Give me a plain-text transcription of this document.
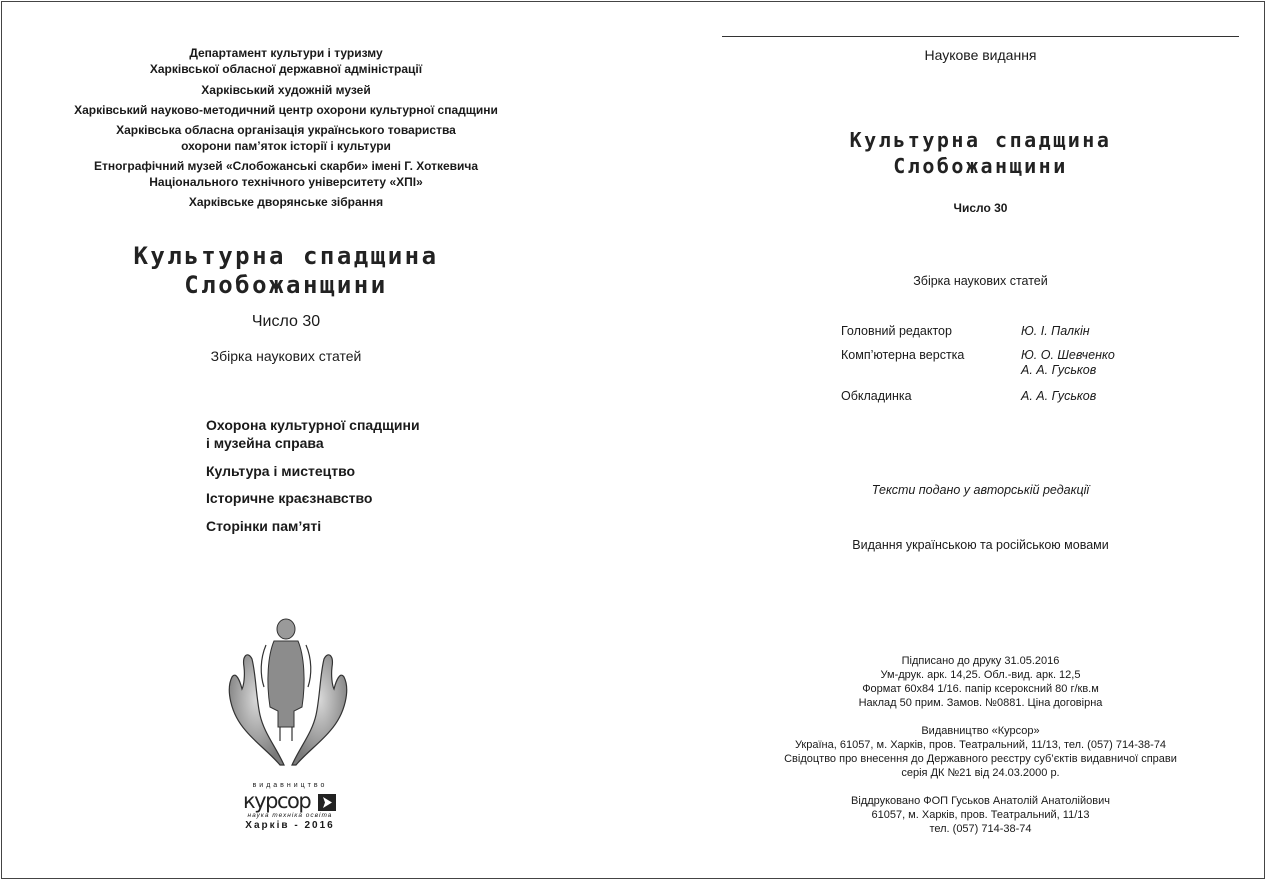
Департамент культури і туризму
Харківської обласної державної адміністрації
Харківський художній музей
Харківський науково-методичний центр охорони культурної спадщини
Харківська обласна організація українського товариства
охорони пам’яток історії і культури
Етнографічний музей «Слобожанські скарби» імені Г. Хоткевича
Національного технічного університету «ХПІ»
Харківське дворянське зібрання
Культурна спадщина
Слобожанщини
Число 30
Збірка наукових статей
Охорона культурної спадщини
і музейна справа
Культура і мистецтво
Історичне краєзнавство
Сторінки пам’яті
видавництво
курсор
наука техніка освіта
Харків - 2016
Наукове видання
Культурна спадщина
Слобожанщини
Число 30
Збірка наукових статей
Головний редактор	Ю. І. Палкін
Комп’ютерна верстка	Ю. О. Шевченко
А. А. Гуськов
Обкладинка	А. А. Гуськов
Тексти подано у авторській редакції
Видання українською та російською мовами
Підписано до друку 31.05.2016
Ум-друк. арк. 14,25. Обл.-вид. арк. 12,5
Формат 60х84 1/16. папір ксероксний 80 г/кв.м
Наклад 50 прим. Замов. №0881. Ціна договірна
Видавництво «Курсор»
Україна, 61057, м. Харків, пров. Театральний, 11/13, тел. (057) 714-38-74
Свідоцтво про внесення до Державного реєстру суб’єктів видавничої справи
серія ДК №21 від 24.03.2000 р.
Віддруковано ФОП Гуськов Анатолій Анатолійович
61057, м. Харків, пров. Театральний, 11/13
тел. (057) 714-38-74
